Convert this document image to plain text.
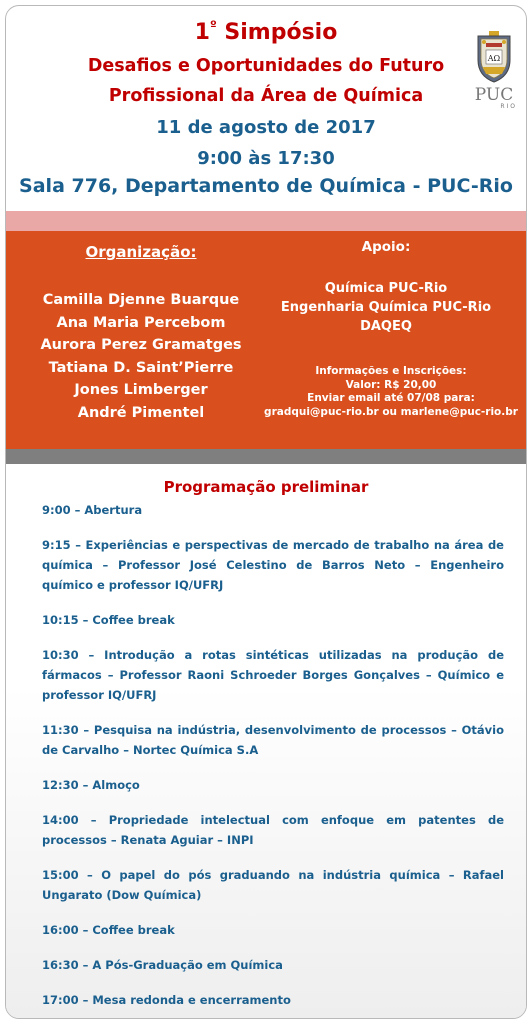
$1^º$ Simpósio
Desafios e Oportunidades do Futuro
Profissional da Área de Química
11 de agosto de 2017
9:00 às 17:30
Sala 776, Departamento de Química - PUC-Rio
AΩ
PUC
RIO
Organização:
Camilla Djenne Buarque
Ana Maria Percebom
Aurora Perez Gramatges
Tatiana D. Saint’Pierre
Jones Limberger
André Pimentel
Apoio:
Química PUC-Rio
Engenharia Química PUC-Rio
DAQEQ
Informações e Inscrições:
Valor: R$ 20,00
Enviar email até 07/08 para:
gradqui@puc-rio.br ou marlene@puc-rio.br
Programação preliminar
9:00 – Abertura
9:15 – Experiências e perspectivas de mercado de trabalho na área de química – Professor José Celestino de Barros Neto – Engenheiro químico e professor IQ/UFRJ
10:15 – Coffee break
10:30 – Introdução a rotas sintéticas utilizadas na produção de fármacos – Professor Raoni Schroeder Borges Gonçalves – Químico e professor IQ/UFRJ
11:30 – Pesquisa na indústria, desenvolvimento de processos – Otávio de Carvalho – Nortec Química S.A
12:30 – Almoço
14:00 – Propriedade intelectual com enfoque em patentes de processos – Renata Aguiar – INPI
15:00 – O papel do pós graduando na indústria química – Rafael Ungarato (Dow Química)
16:00 – Coffee break
16:30 – A Pós-Graduação em Química
17:00 – Mesa redonda e encerramento
